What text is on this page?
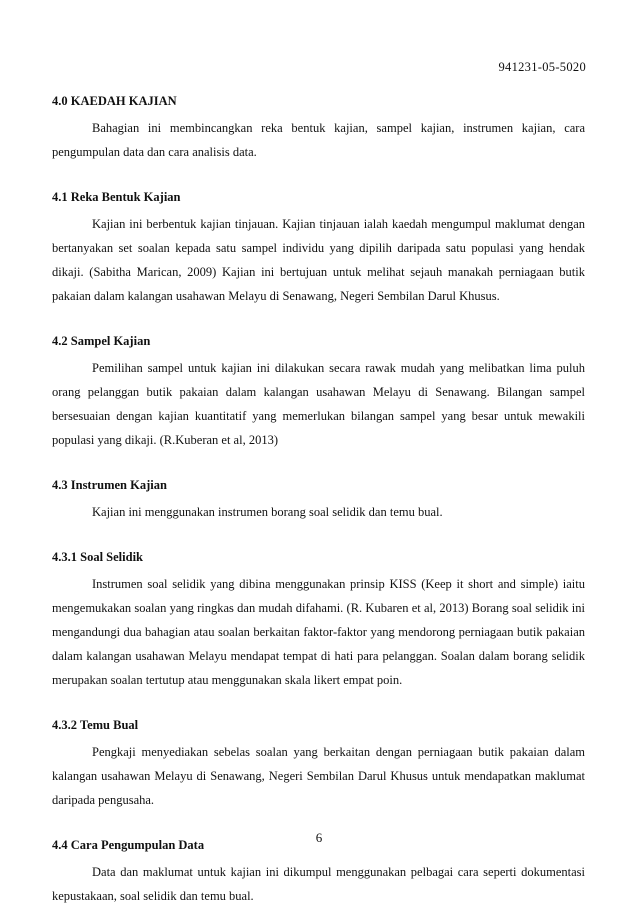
941231-05-5020

4.0 KAEDAH KAJIAN

Bahagian ini membincangkan reka bentuk kajian, sampel kajian, instrumen kajian, cara pengumpulan data dan cara analisis data.

4.1 Reka Bentuk Kajian

Kajian ini berbentuk kajian tinjauan. Kajian tinjauan ialah kaedah mengumpul maklumat dengan bertanyakan set soalan kepada satu sampel individu yang dipilih daripada satu populasi yang hendak dikaji. (Sabitha Marican, 2009) Kajian ini bertujuan untuk melihat sejauh manakah perniagaan butik pakaian dalam kalangan usahawan Melayu di Senawang, Negeri Sembilan Darul Khusus.

4.2 Sampel Kajian

Pemilihan sampel untuk kajian ini dilakukan secara rawak mudah yang melibatkan lima puluh orang pelanggan butik pakaian dalam kalangan usahawan Melayu di Senawang. Bilangan sampel bersesuaian dengan kajian kuantitatif yang memerlukan bilangan sampel yang besar untuk mewakili populasi yang dikaji. (R.Kuberan et al, 2013)

4.3 Instrumen Kajian

Kajian ini menggunakan instrumen borang soal selidik dan temu bual.

4.3.1 Soal Selidik

Instrumen soal selidik yang dibina menggunakan prinsip KISS (Keep it short and simple) iaitu mengemukakan soalan yang ringkas dan mudah difahami. (R. Kubaren et al, 2013) Borang soal selidik ini mengandungi dua bahagian atau soalan berkaitan faktor-faktor yang mendorong perniagaan butik pakaian dalam kalangan usahawan Melayu mendapat tempat di hati para pelanggan. Soalan dalam borang selidik merupakan soalan tertutup atau menggunakan skala likert empat poin.

4.3.2 Temu Bual

Pengkaji menyediakan sebelas soalan yang berkaitan dengan perniagaan butik pakaian dalam kalangan usahawan Melayu di Senawang, Negeri Sembilan Darul Khusus untuk mendapatkan maklumat daripada pengusaha.

4.4 Cara Pengumpulan Data

Data dan maklumat untuk kajian ini dikumpul menggunakan pelbagai cara seperti dokumentasi kepustakaan, soal selidik dan temu bual.

6
